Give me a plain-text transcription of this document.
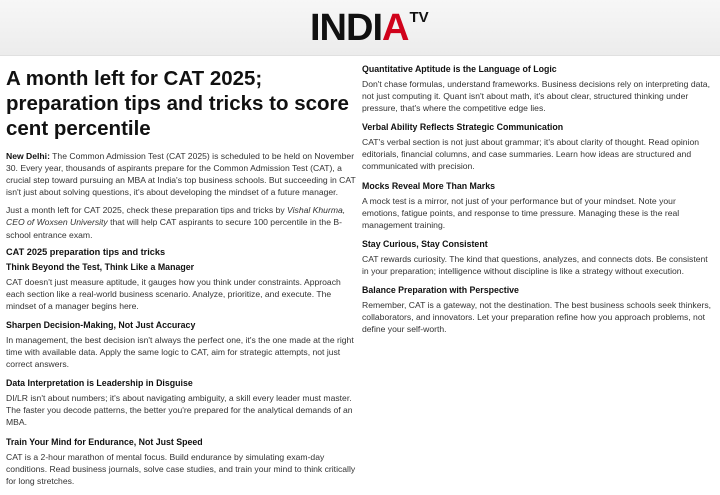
INDIA TV
A month left for CAT 2025; preparation tips and tricks to score cent percentile

New Delhi: The Common Admission Test (CAT 2025) is scheduled to be held on November 30. Every year, thousands of aspirants prepare for the Common Admission Test (CAT), a crucial step toward pursuing an MBA at India's top business schools. But succeeding in CAT isn't just about solving questions, it's about developing the mindset of a future manager.

Just a month left for CAT 2025, check these preparation tips and tricks by Vishal Khurma, CEO of Woxsen University that will help CAT aspirants to secure 100 percentile in the B-school entrance exam.

CAT 2025 preparation tips and tricks
Think Beyond the Test, Think Like a Manager

CAT doesn't just measure aptitude, it gauges how you think under constraints. Approach each section like a real-world business scenario. Analyze, prioritize, and execute. The mindset of a manager begins here.

Sharpen Decision-Making, Not Just Accuracy

In management, the best decision isn't always the perfect one, it's the one made at the right time with available data. Apply the same logic to CAT, aim for strategic attempts, not just correct answers.

Data Interpretation is Leadership in Disguise

DI/LR isn't about numbers; it's about navigating ambiguity, a skill every leader must master. The faster you decode patterns, the better you're prepared for the analytical demands of an MBA.

Train Your Mind for Endurance, Not Just Speed

CAT is a 2-hour marathon of mental focus. Build endurance by simulating exam-day conditions. Read business journals, solve case studies, and train your mind to think critically for long stretches.

Quantitative Aptitude is the Language of Logic

Don't chase formulas, understand frameworks. Business decisions rely on interpreting data, not just computing it. Quant isn't about math, it's about clear, structured thinking under pressure, that's where the competitive edge lies.

Verbal Ability Reflects Strategic Communication

CAT's verbal section is not just about grammar; it's about clarity of thought. Read opinion editorials, financial columns, and case summaries. Learn how ideas are structured and communicated with precision.

Mocks Reveal More Than Marks

A mock test is a mirror, not just of your performance but of your mindset. Note your emotions, fatigue points, and response to time pressure. Managing these is the real management training.

Stay Curious, Stay Consistent

CAT rewards curiosity. The kind that questions, analyzes, and connects dots. Be consistent in your preparation; intelligence without discipline is like a strategy without execution.

Balance Preparation with Perspective

Remember, CAT is a gateway, not the destination. The best business schools seek thinkers, collaborators, and innovators. Let your preparation refine how you approach problems, not define your self-worth.
